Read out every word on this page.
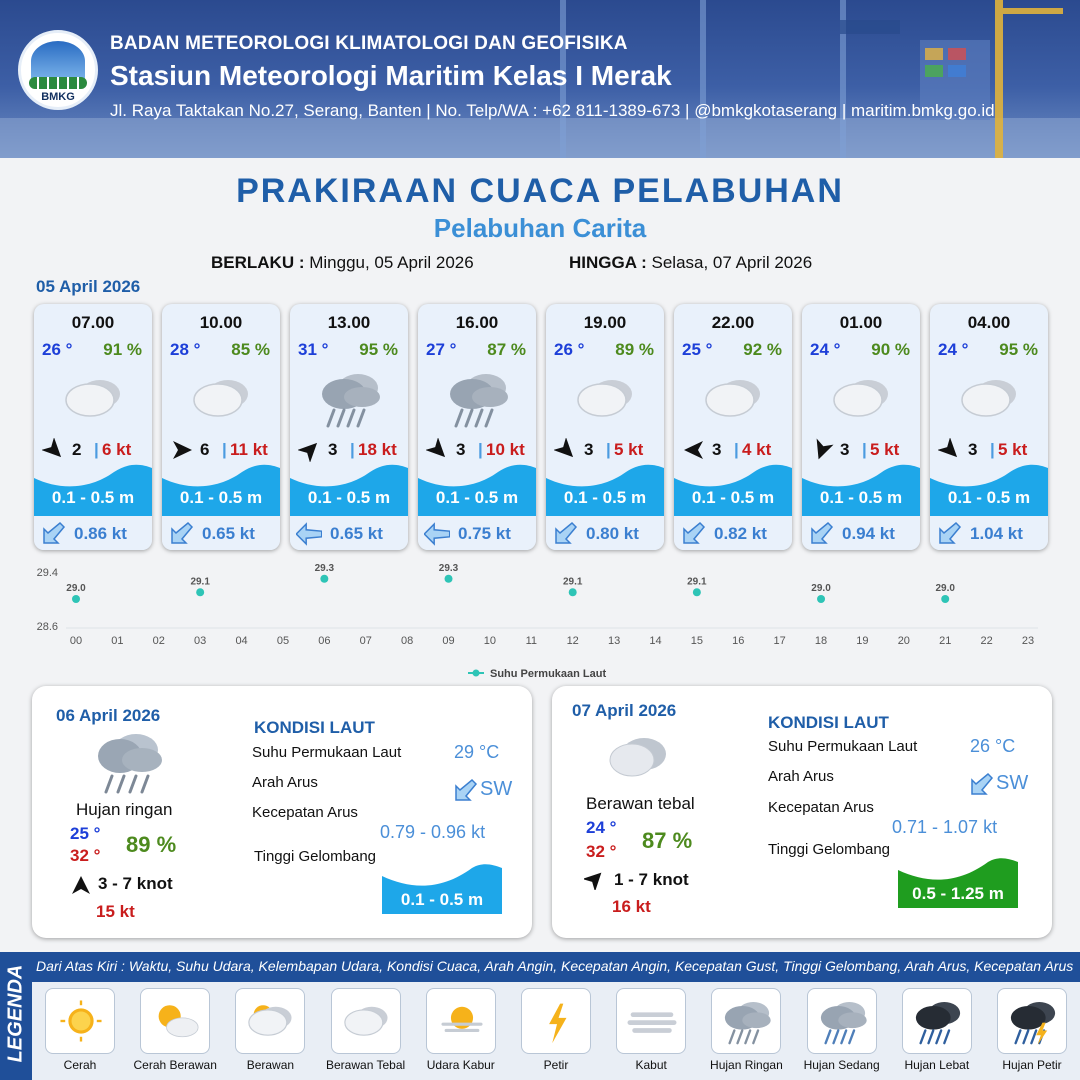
BMKG
BADAN METEOROLOGI KLIMATOLOGI DAN GEOFISIKA
Stasiun Meteorologi Maritim Kelas I Merak
Jl. Raya Taktakan No.27, Serang, Banten | No. Telp/WA : +62 811-1389-673 | @bmkgkotaserang | maritim.bmkg.go.id
PRAKIRAAN CUACA PELABUHAN
Pelabuhan Carita
BERLAKU : Minggu, 05 April 2026	HINGGA : Selasa, 07 April 2026
05 April 2026
07.00
26 ° 91 %
2 | 6 kt
0.1 - 0.5 m
0.86 kt
10.00
28 ° 85 %
6 | 11 kt
0.1 - 0.5 m
0.65 kt
13.00
31 ° 95 %
3 | 18 kt
0.1 - 0.5 m
0.65 kt
16.00
27 ° 87 %
3 | 10 kt
0.1 - 0.5 m
0.75 kt
19.00
26 ° 89 %
3 | 5 kt
0.1 - 0.5 m
0.80 kt
22.00
25 ° 92 %
3 | 4 kt
0.1 - 0.5 m
0.82 kt
01.00
24 ° 90 %
3 | 5 kt
0.1 - 0.5 m
0.94 kt
04.00
24 ° 95 %
3 | 5 kt
0.1 - 0.5 m
1.04 kt
29.4
28.6
00	01	02	03	04	05	06	07	08	09	10	11	12	13	14	15	16	17	18	19	20	21	22	23
29.0
29.1
29.3	29.3
29.1	29.1
29.0	29.0
Suhu Permukaan Laut
06 April 2026
Hujan ringan
25 °
32 ° 89 %
3 - 7 knot
15 kt
KONDISI LAUT
Suhu Permukaan Laut	29 °C
Arah Arus	SW
Kecepatan Arus
0.79 - 0.96 kt
Tinggi Gelombang
0.1 - 0.5 m
07 April 2026
Berawan tebal
24 °
32 ° 87 %
1 - 7 knot
16 kt
KONDISI LAUT
Suhu Permukaan Laut	26 °C
Arah Arus	SW
Kecepatan Arus
0.71 - 1.07 kt
Tinggi Gelombang
0.5 - 1.25 m
LEGENDA Dari Atas Kiri : Waktu, Suhu Udara, Kelembapan Udara, Kondisi Cuaca, Arah Angin, Kecepatan Angin, Kecepatan Gust, Tinggi Gelombang, Arah Arus, Kecepatan Arus
Cerah	Cerah Berawan	Berawan	Berawan Tebal	Udara Kabur	Petir	Kabut	Hujan Ringan	Hujan Sedang	Hujan Lebat	Hujan Petir
